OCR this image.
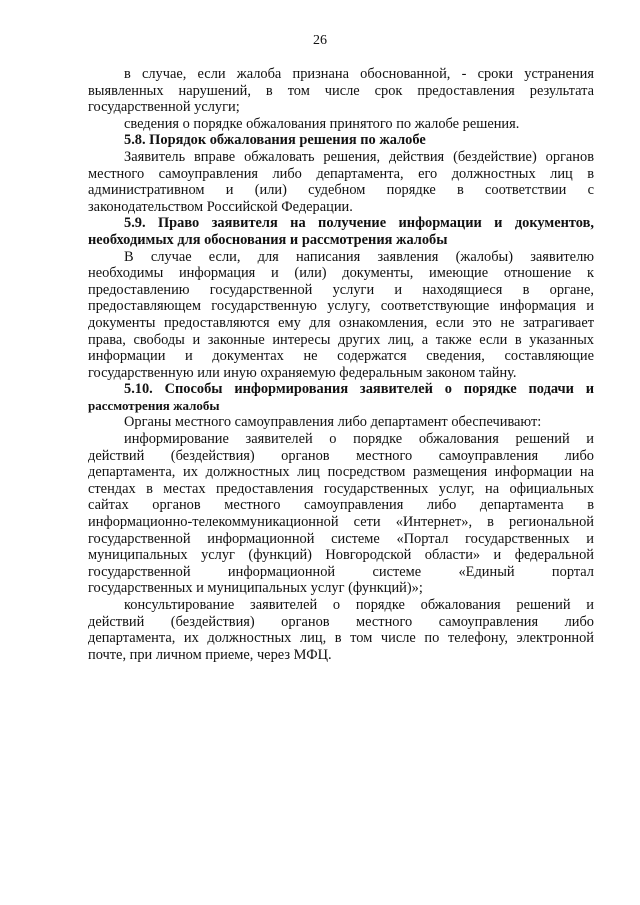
26
в случае, если жалоба признана обоснованной, - сроки устранения
выявленных нарушений, в том числе срок предоставления результата
государственной услуги;
сведения о порядке обжалования принятого по жалобе решения.
5.8. Порядок обжалования решения по жалобе
Заявитель вправе обжаловать решения, действия (бездействие) органов
местного самоуправления либо департамента, его должностных лиц в
административном и (или) судебном порядке в соответствии с
законодательством Российской Федерации.
5.9. Право заявителя на получение информации и документов,
необходимых для обоснования и рассмотрения жалобы
В случае если, для написания заявления (жалобы) заявителю
необходимы информация и (или) документы, имеющие отношение к
предоставлению государственной услуги и находящиеся в органе,
предоставляющем государственную услугу, соответствующие информация и
документы предоставляются ему для ознакомления, если это не затрагивает
права, свободы и законные интересы других лиц, а также если в указанных
информации и документах не содержатся сведения, составляющие
государственную или иную охраняемую федеральным законом тайну.
5.10. Способы информирования заявителей о порядке подачи и
рассмотрения жалобы
Органы местного самоуправления либо департамент обеспечивают:
информирование заявителей о порядке обжалования решений и
действий (бездействия) органов местного самоуправления либо
департамента, их должностных лиц посредством размещения информации на
стендах в местах предоставления государственных услуг, на официальных
сайтах органов местного самоуправления либо департамента в
информационно-телекоммуникационной сети «Интернет», в региональной
государственной информационной системе «Портал государственных и
муниципальных услуг (функций) Новгородской области» и федеральной
государственной информационной системе «Единый портал
государственных и муниципальных услуг (функций)»;
консультирование заявителей о порядке обжалования решений и
действий (бездействия) органов местного самоуправления либо
департамента, их должностных лиц, в том числе по телефону, электронной
почте, при личном приеме, через МФЦ.
